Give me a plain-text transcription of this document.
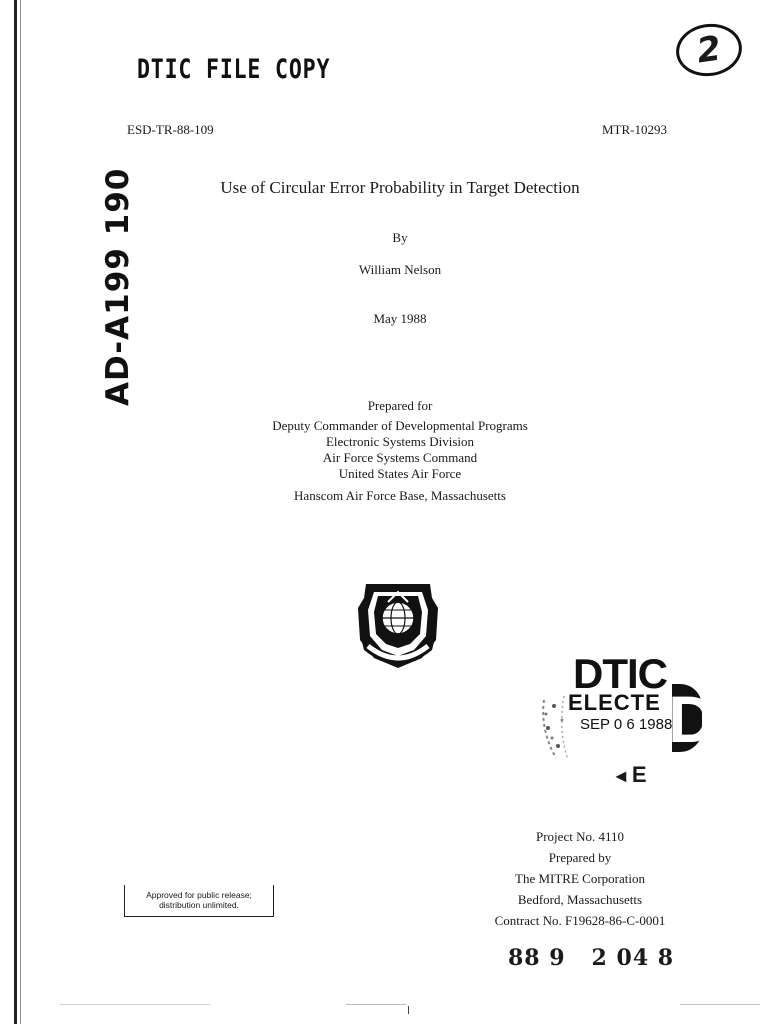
DTIC FILE COPY	2
ESD-TR-88-109	MTR-10293
AD-A199 190	Use of Circular Error Probability in Target Detection
By
William Nelson
May 1988
Prepared for
Deputy Commander of Developmental Programs
Electronic Systems Division
Air Force Systems Command
United States Air Force
Hanscom Air Force Base, Massachusetts
DTIC
ELECTE
SEP 0 6 1988
D
◄E
Project No. 4110
Prepared by
The MITRE Corporation
Bedford, Massachusetts
Contract No. F19628-86-C-0001
Approved for public release;
distribution unlimited.
88 9   2 04 8
